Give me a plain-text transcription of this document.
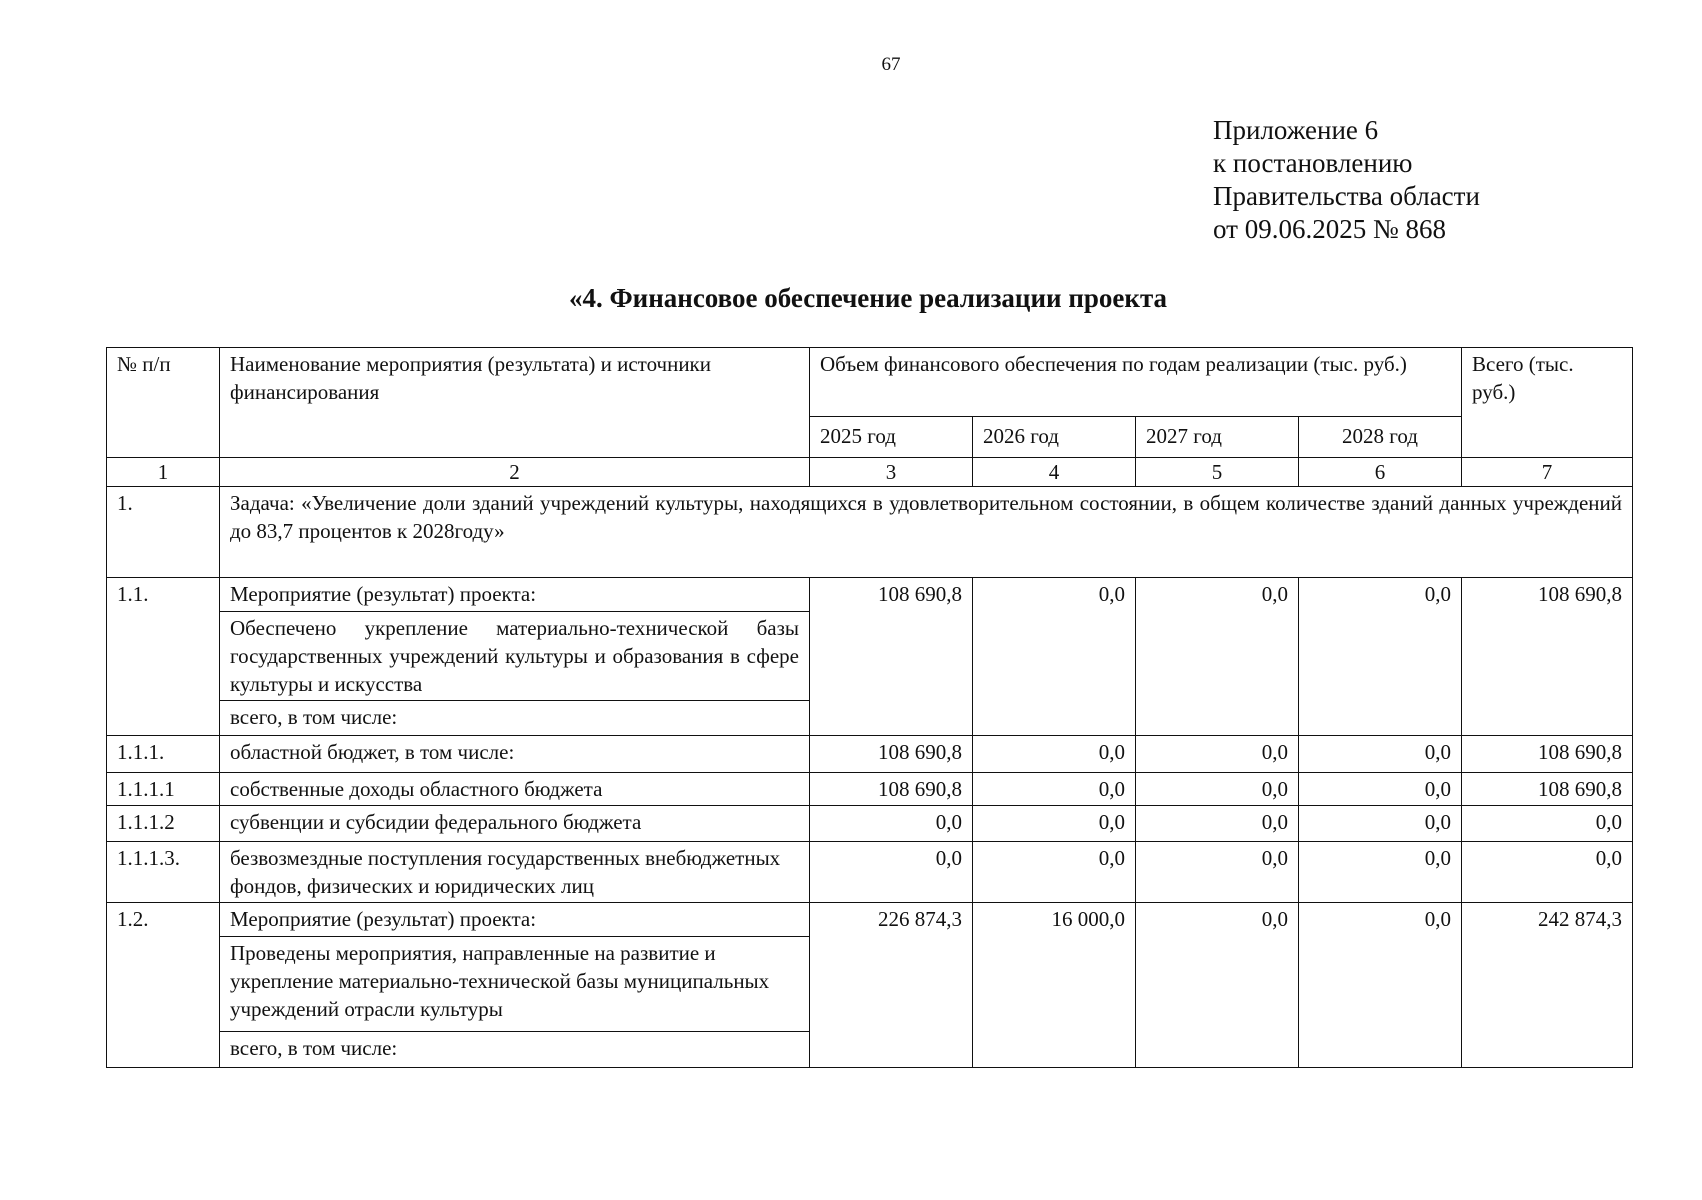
67
Приложение 6
к постановлению
Правительства области
от 09.06.2025 № 868
«4. Финансовое обеспечение реализации проекта
№ п/п	Наименование мероприятия (результата) и источники финансирования	Объем финансового обеспечения по годам реализации (тыс. руб.)				Всего (тыс. руб.)
		2025 год	2026 год	2027 год	2028 год	
1	2	3	4	5	6	7
1.	Задача: «Увеличение доли зданий учреждений культуры, находящихся в удовлетворительном состоянии, в общем количестве зданий данных учреждений до 83,7 процентов к 2028году»					
1.1.	Мероприятие (результат) проекта:	108 690,8	0,0	0,0	0,0	108 690,8
	Обеспечено укрепление материально-технической базы государственных учреждений культуры и образования в сфере культуры и искусства					
	всего, в том числе:					
1.1.1.	областной бюджет, в том числе:	108 690,8	0,0	0,0	0,0	108 690,8
1.1.1.1	собственные доходы областного бюджета	108 690,8	0,0	0,0	0,0	108 690,8
1.1.1.2	субвенции и субсидии федерального бюджета	0,0	0,0	0,0	0,0	0,0
1.1.1.3.	безвозмездные поступления государственных внебюджетных фондов, физических и юридических лиц	0,0	0,0	0,0	0,0	0,0
1.2.	Мероприятие (результат) проекта:	226 874,3	16 000,0	0,0	0,0	242 874,3
	Проведены мероприятия, направленные на развитие и укрепление материально-технической базы муниципальных учреждений отрасли культуры					
	всего, в том числе:					
